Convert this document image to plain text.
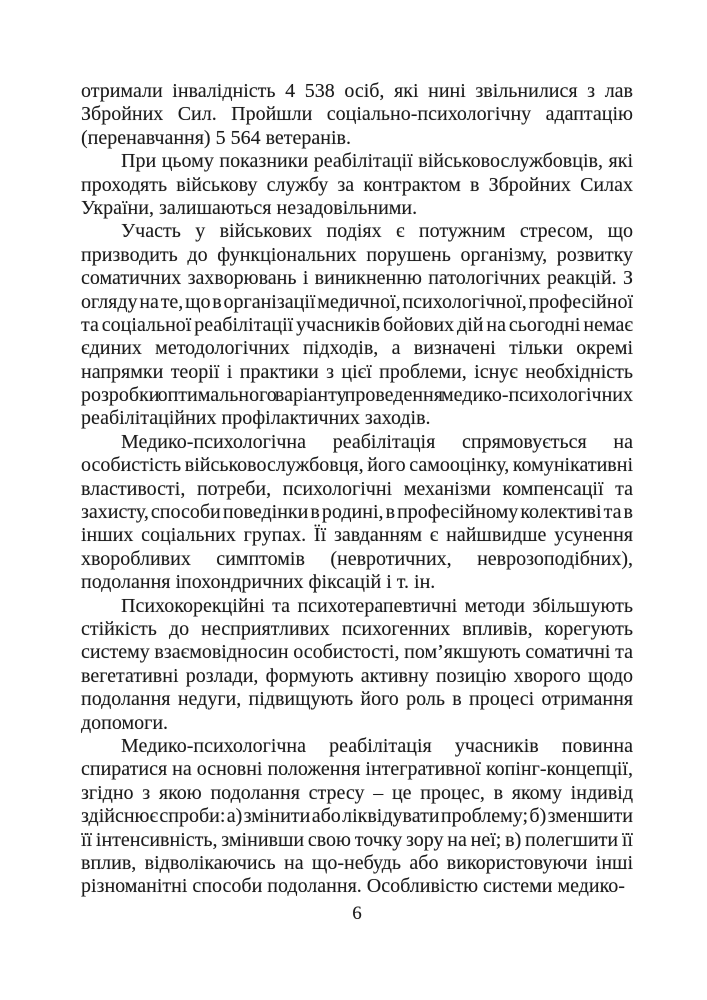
отримали інвалідність 4 538 осіб, які нині звільнилися з лав
Збройних Сил. Пройшли соціально-психологічну адаптацію
(перенавчання) 5 564 ветеранів.
При цьому показники реабілітації військовослужбовців, які
проходять військову службу за контрактом в Збройних Силах
України, залишаються незадовільними.
Участь у військових подіях є потужним стресом, що
призводить до функціональних порушень організму, розвитку
соматичних захворювань і виникненню патологічних реакцій. З
огляду на те, що в організації медичної, психологічної, професійної
та соціальної реабілітації учасників бойових дій на сьогодні немає
єдиних методологічних підходів, а визначені тільки окремі
напрямки теорії і практики з цієї проблеми, існує необхідність
розробки оптимального варіанту проведення медико-психологічних
реабілітаційних профілактичних заходів.
Медико-психологічна реабілітація спрямовується на
особистість військовослужбовця, його самооцінку, комунікативні
властивості, потреби, психологічні механізми компенсації та
захисту, способи поведінки в родині, в професійному колективі та в
інших соціальних групах. Її завданням є найшвидше усунення
хворобливих симптомів (невротичних, неврозоподібних),
подолання іпохондричних фіксацій і т. ін.
Психокорекційні та психотерапевтичні методи збільшують
стійкість до несприятливих психогенних впливів, корегують
систему взаємовідносин особистості, пом’якшують соматичні та
вегетативні розлади, формують активну позицію хворого щодо
подолання недуги, підвищують його роль в процесі отримання
допомоги.
Медико-психологічна реабілітація учасників повинна
спиратися на основні положення інтегративної копінг-концепції,
згідно з якою подолання стресу – це процес, в якому індивід
здійснює спроби: а) змінити або ліквідувати проблему; б) зменшити
її інтенсивність, змінивши свою точку зору на неї; в) полегшити її
вплив, відволікаючись на що-небудь або використовуючи інші
різноманітні способи подолання. Особливістю системи медико-
6
